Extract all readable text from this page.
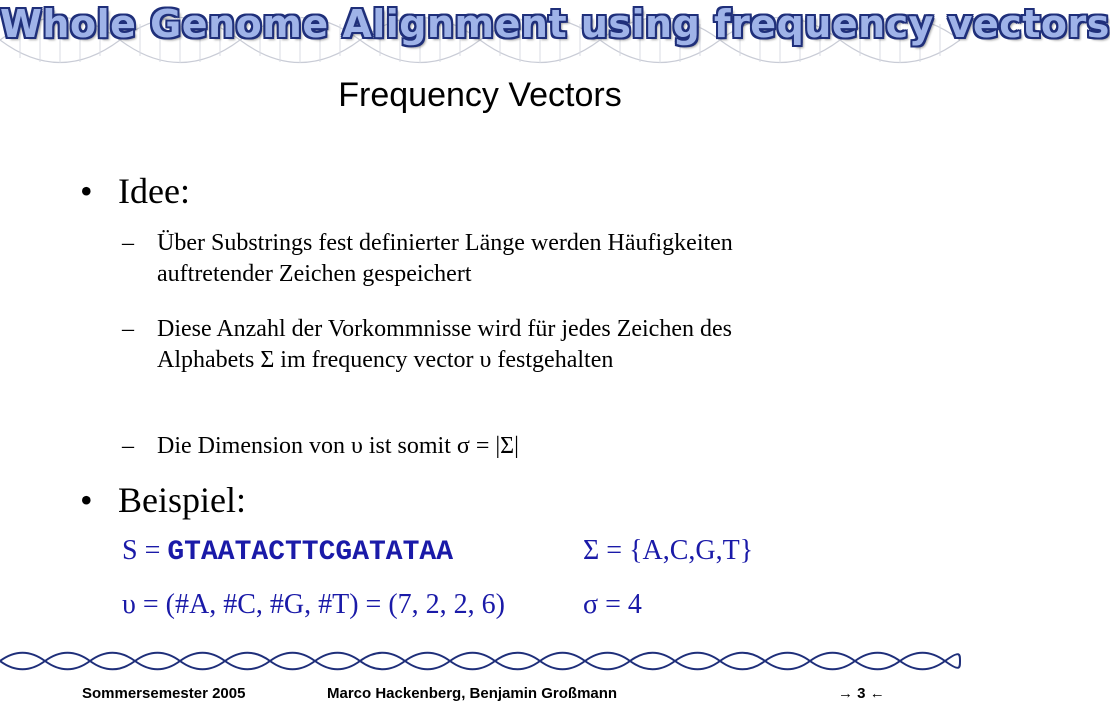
Whole Genome Alignment using frequency vectors
Frequency Vectors
• Idee:
– Über Substrings fest definierter Länge werden Häufigkeiten auftretender Zeichen gespeichert
– Diese Anzahl der Vorkommnisse wird für jedes Zeichen des Alphabets Σ im frequency vector υ festgehalten
– Die Dimension von υ ist somit σ = |Σ|
• Beispiel:
S = GTAATACTTCGATATAA	Σ = {A,C,G,T}
υ = (#A, #C, #G, #T) = (7, 2, 2, 6)	σ = 4
Sommersemester 2005	Marco Hackenberg, Benjamin Großmann	→ 3 ←
